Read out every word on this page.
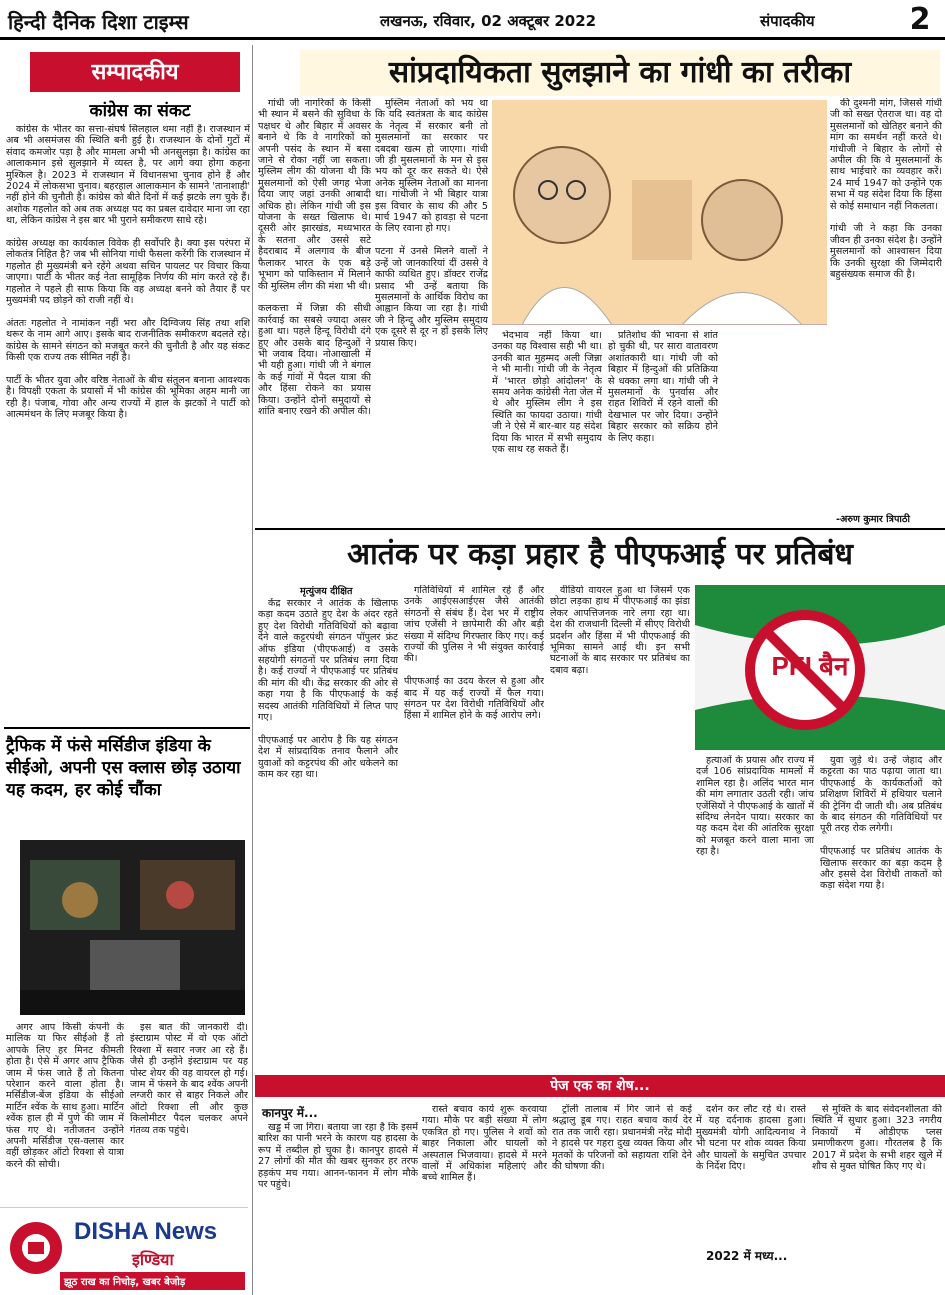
हिन्दी दैनिक दिशा टाइम्स	लखनऊ, रविवार, 02 अक्टूबर 2022	संपादकीय	2
सम्पादकीय
कांग्रेस का संकट

कांग्रेस के भीतर का सत्ता-संघर्ष सिलहाल थमा नहीं है। राजस्थान में अब भी असमंजस की स्थिति बनी हुई है। राजस्थान के दोनों गुटों में संवाद कमजोर पड़ा है और मामला अभी भी अनसुलझा है। कांग्रेस का आलाकमान इसे सुलझाने में व्यस्त है, पर आगे क्या होगा कहना मुश्किल है। 2023 में राजस्थान में विधानसभा चुनाव होने हैं और 2024 में लोकसभा चुनाव। बहरहाल आलाकमान के सामने 'तानाशाही' नहीं होने की चुनौती है। कांग्रेस को बीते दिनों में कई झटके लग चुके हैं। अशोक गहलोत को अब तक अध्यक्ष पद का प्रबल दावेदार माना जा रहा था, लेकिन कांग्रेस ने इस बार भी पुराने समीकरण साधे रहे।

कांग्रेस अध्यक्ष का कार्यकाल विवेक ही सर्वोपरि है। क्या इस परंपरा में लोकतंत्र निहित है? जब भी सोनिया गांधी फैसला करेंगी कि राजस्थान में गहलोत ही मुख्यमंत्री बने रहेंगे अथवा सचिन पायलट पर विचार किया जाएगा। पार्टी के भीतर कई नेता सामूहिक निर्णय की मांग करते रहे हैं। गहलोत ने पहले ही साफ किया कि वह अध्यक्ष बनने को तैयार हैं पर मुख्यमंत्री पद छोड़ने को राजी नहीं थे।

अंततः गहलोत ने नामांकन नहीं भरा और दिग्विजय सिंह तथा शशि थरूर के नाम आगे आए। इसके बाद राजनीतिक समीकरण बदलते रहे। कांग्रेस के सामने संगठन को मजबूत करने की चुनौती है और यह संकट किसी एक राज्य तक सीमित नहीं है।

पार्टी के भीतर युवा और वरिष्ठ नेताओं के बीच संतुलन बनाना आवश्यक है। विपक्षी एकता के प्रयासों में भी कांग्रेस की भूमिका अहम मानी जा रही है। पंजाब, गोवा और अन्य राज्यों में हाल के झटकों ने पार्टी को आत्ममंथन के लिए मजबूर किया है।

ट्रैफिक में फंसे मर्सिडीज इंडिया के सीईओ, अपनी एस क्लास छोड़ उठाया यह कदम, हर कोई चौंका

अगर आप किसी कंपनी के मालिक या फिर सीईओ हैं तो आपके लिए हर मिनट कीमती होता है। ऐसे में अगर आप ट्रैफिक जाम में फंस जाते हैं तो कितना परेशान करने वाला होता है। मर्सिडीज-बेंज इंडिया के सीईओ मार्टिन श्वेंक के साथ हुआ। मार्टिन श्वेंक हाल ही में पुणे की जाम में फंस गए थे। नतीजतन उन्होंने अपनी मर्सिडीज एस-क्लास कार वहीं छोड़कर ऑटो रिक्शा से यात्रा करने की सोची।

इस बात की जानकारी दी। इंस्टाग्राम पोस्ट में वो एक ऑटो रिक्शा में सवार नजर आ रहे हैं। जैसे ही उन्होंने इंस्टाग्राम पर यह पोस्ट शेयर की वह वायरल हो गई। जाम में फंसने के बाद श्वेंक अपनी लग्जरी कार से बाहर निकले और ऑटो रिक्शा ली और कुछ किलोमीटर पैदल चलकर अपने गंतव्य तक पहुंचे।

DISHA News
इण्डिया
झूठ राख का निचोड़, खबर बेजोड़
सांप्रदायिकता सुलझाने का गांधी का तरीका

गांधी जी नागरिकों के किसी भी स्थान में बसने की सुविधा के पक्षधर थे और बिहार में अवसर बनाने थे कि वे नागरिकों को अपनी पसंद के स्थान में बसा जाने से रोका नहीं जा सकता। मुस्लिम लीग की योजना थी कि मुसलमानों को ऐसी जगह भेजा दिया जाए जहां उनकी आबादी अधिक हो। लेकिन गांधी जी इस योजना के सख्त खिलाफ थे। दूसरी ओर झारखंड, मध्यभारत के सतना और उससे सटे हैदराबाद में अलगाव के बीज फैलाकर भारत के एक बड़े भूभाग को पाकिस्तान में मिलाने की मुस्लिम लीग की मंशा भी थी।

कलकत्ता में जिन्ना की सीधी कार्रवाई का सबसे ज्यादा असर हुआ था। पहले हिन्दू विरोधी दंगे हुए और उसके बाद हिन्दुओं ने भी जवाब दिया। नोआखाली में भी यही हुआ। गांधी जी ने बंगाल के कई गांवों में पैदल यात्रा की और हिंसा रोकने का प्रयास किया। उन्होंने दोनों समुदायों से शांति बनाए रखने की अपील की।

मुस्लिम नेताओं को भय था कि यदि स्वतंत्रता के बाद कांग्रेस के नेतृत्व में सरकार बनी तो मुसलमानों का सरकार पर दबदबा खत्म हो जाएगा। गांधी जी ही मुसलमानों के मन से इस भय को दूर कर सकते थे। ऐसे अनेक मुस्लिम नेताओं का मानना था। गांधीजी ने भी बिहार यात्रा इस विचार के साथ की और 5 मार्च 1947 को हावड़ा से पटना के लिए रवाना हो गए।

पटना में उनसे मिलने वालों ने उन्हें जो जानकारियां दीं उससे वे काफी व्यथित हुए। डॉक्टर राजेंद्र प्रसाद भी उन्हें बताया कि मुसलमानों के आर्थिक विरोध का आह्वान किया जा रहा है। गांधी जी ने हिन्दू और मुस्लिम समुदाय एक दूसरे से दूर न हों इसके लिए प्रयास किए।

भेदभाव नहीं किया था। उनका यह विश्वास सही भी था। उनकी बात मुहम्मद अली जिन्ना ने भी मानी। गांधी जी के नेतृत्व में 'भारत छोड़ो आंदोलन' के समय अनेक कांग्रेसी नेता जेल में थे और मुस्लिम लीग ने इस स्थिति का फायदा उठाया। गांधी जी ने ऐसे में बार-बार यह संदेश दिया कि भारत में सभी समुदाय एक साथ रह सकते हैं।

प्रतिशोध की भावना से शांत हो चुकी थी, पर सारा वातावरण अशांतकारी था। गांधी जी को बिहार में हिन्दुओं की प्रतिक्रिया से धक्का लगा था। गांधी जी ने मुसलमानों के पुनर्वास और राहत शिविरों में रहने वालों की देखभाल पर जोर दिया। उन्होंने बिहार सरकार को सक्रिय होने के लिए कहा।

की दुश्मनी मांग, जिससे गांधी जी को सख्त ऐतराज था। वह दो मुसलमानों को खेतिहर बनाने की मांग का समर्थन नहीं करते थे। गांधीजी ने बिहार के लोगों से अपील की कि वे मुसलमानों के साथ भाईचारे का व्यवहार करें। 24 मार्च 1947 को उन्होंने एक सभा में यह संदेश दिया कि हिंसा से कोई समाधान नहीं निकलता।

गांधी जी ने कहा कि उनका जीवन ही उनका संदेश है। उन्होंने मुसलमानों को आश्वासन दिया कि उनकी सुरक्षा की जिम्मेदारी बहुसंख्यक समाज की है।

-अरुण कुमार त्रिपाठी
आतंक पर कड़ा प्रहार है पीएफआई पर प्रतिबंध
मृत्युंजय दीक्षित

केंद्र सरकार ने आतंक के खिलाफ कड़ा कदम उठाते हुए देश के अंदर रहते हुए देश विरोधी गतिविधियों को बढ़ावा देने वाले कट्टरपंथी संगठन पॉपुलर फ्रंट ऑफ इंडिया (पीएफआई) व उसके सहयोगी संगठनों पर प्रतिबंध लगा दिया है। कई राज्यों ने पीएफआई पर प्रतिबंध की मांग की थी। केंद्र सरकार की ओर से कहा गया है कि पीएफआई के कई सदस्य आतंकी गतिविधियों में लिप्त पाए गए।

पीएफआई पर आरोप है कि यह संगठन देश में सांप्रदायिक तनाव फैलाने और युवाओं को कट्टरपंथ की ओर धकेलने का काम कर रहा था।

गतिविधियों में शामिल रहे हैं और उनके आईएसआईएस जैसे आतंकी संगठनों से संबंध हैं। देश भर में राष्ट्रीय जांच एजेंसी ने छापेमारी की और बड़ी संख्या में संदिग्ध गिरफ्तार किए गए। कई राज्यों की पुलिस ने भी संयुक्त कार्रवाई की।

पीएफआई का उदय केरल से हुआ और बाद में यह कई राज्यों में फैल गया। संगठन पर देश विरोधी गतिविधियों और हिंसा में शामिल होने के कई आरोप लगे।

वीडियो वायरल हुआ था जिसमें एक छोटा लड़का हाथ में पीएफआई का झंडा लेकर आपत्तिजनक नारे लगा रहा था। देश की राजधानी दिल्ली में सीएए विरोधी प्रदर्शन और हिंसा में भी पीएफआई की भूमिका सामने आई थी। इन सभी घटनाओं के बाद सरकार पर प्रतिबंध का दबाव बढ़ा।	PFI बैन

हत्याओं के प्रयास और राज्य में दर्ज 106 सांप्रदायिक मामलों में शामिल रहा है। अलिंद भारत मान की मांग लगातार उठती रही। जांच एजेंसियों ने पीएफआई के खातों में संदिग्ध लेनदेन पाया। सरकार का यह कदम देश की आंतरिक सुरक्षा को मजबूत करने वाला माना जा रहा है।

युवा जुड़े थे। उन्हें जेहाद और कट्टरता का पाठ पढ़ाया जाता था। पीएफआई के कार्यकर्ताओं को प्रशिक्षण शिविरों में हथियार चलाने की ट्रेनिंग दी जाती थी। अब प्रतिबंध के बाद संगठन की गतिविधियों पर पूरी तरह रोक लगेगी।

पीएफआई पर प्रतिबंध आतंक के खिलाफ सरकार का बड़ा कदम है और इससे देश विरोधी ताकतों को कड़ा संदेश गया है।

पेज एक का शेष...
कानपुर में...

खड्ड में जा गिरा। बताया जा रहा है कि इसमें बारिश का पानी भरने के कारण यह हादसा के रूप में तब्दील हो चुका है। कानपुर हादसे में 27 लोगों की मौत की खबर सुनकर हर तरफ हड़कंप मच गया। आनन-फानन में लोग मौके पर पहुंचे।

रास्ते बचाव कार्य शुरू करवाया गया। मौके पर बड़ी संख्या में लोग एकत्रित हो गए। पुलिस ने शवों को बाहर निकाला और घायलों को अस्पताल भिजवाया। हादसे में मरने वालों में अधिकांश महिलाएं और बच्चे शामिल हैं।

ट्रॉली तालाब में गिर जाने से कई श्रद्धालु डूब गए। राहत बचाव कार्य देर रात तक जारी रहा। प्रधानमंत्री नरेंद्र मोदी ने हादसे पर गहरा दुख व्यक्त किया और मृतकों के परिजनों को सहायता राशि देने की घोषणा की।

दर्शन कर लौट रहे थे। रास्ते में यह दर्दनाक हादसा हुआ। मुख्यमंत्री योगी आदित्यनाथ ने भी घटना पर शोक व्यक्त किया और घायलों के समुचित उपचार के निर्देश दिए।

2022 में मध्य...

से मुक्ति के बाद संवेदनशीलता की स्थिति में सुधार हुआ। 323 नगरीय निकायों में ओडीएफ प्लस प्रमाणीकरण हुआ। गौरतलब है कि 2017 में प्रदेश के सभी शहर खुले में शौच से मुक्त घोषित किए गए थे।
